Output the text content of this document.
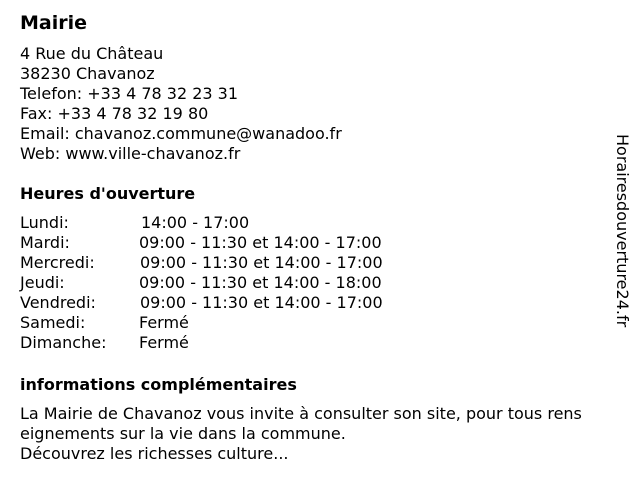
Mairie
4 Rue du Château
38230 Chavanoz
Telefon: +33 4 78 32 23 31
Fax: +33 4 78 32 19 80
Email: chavanoz.commune@wanadoo.fr
Web: www.ville-chavanoz.fr
Heures d'ouverture
Lundi:	14:00 - 17:00
Mardi:	09:00 - 11:30 et 14:00 - 17:00
Mercredi:	09:00 - 11:30 et 14:00 - 17:00
Jeudi:	09:00 - 11:30 et 14:00 - 18:00
Vendredi:	09:00 - 11:30 et 14:00 - 17:00
Samedi:	Fermé
Dimanche:	Fermé
informations complémentaires
La Mairie de Chavanoz vous invite à consulter son site, pour tous rens
eignements sur la vie dans la commune.
Découvrez les richesses culture...
Horairesdouverture24.fr
